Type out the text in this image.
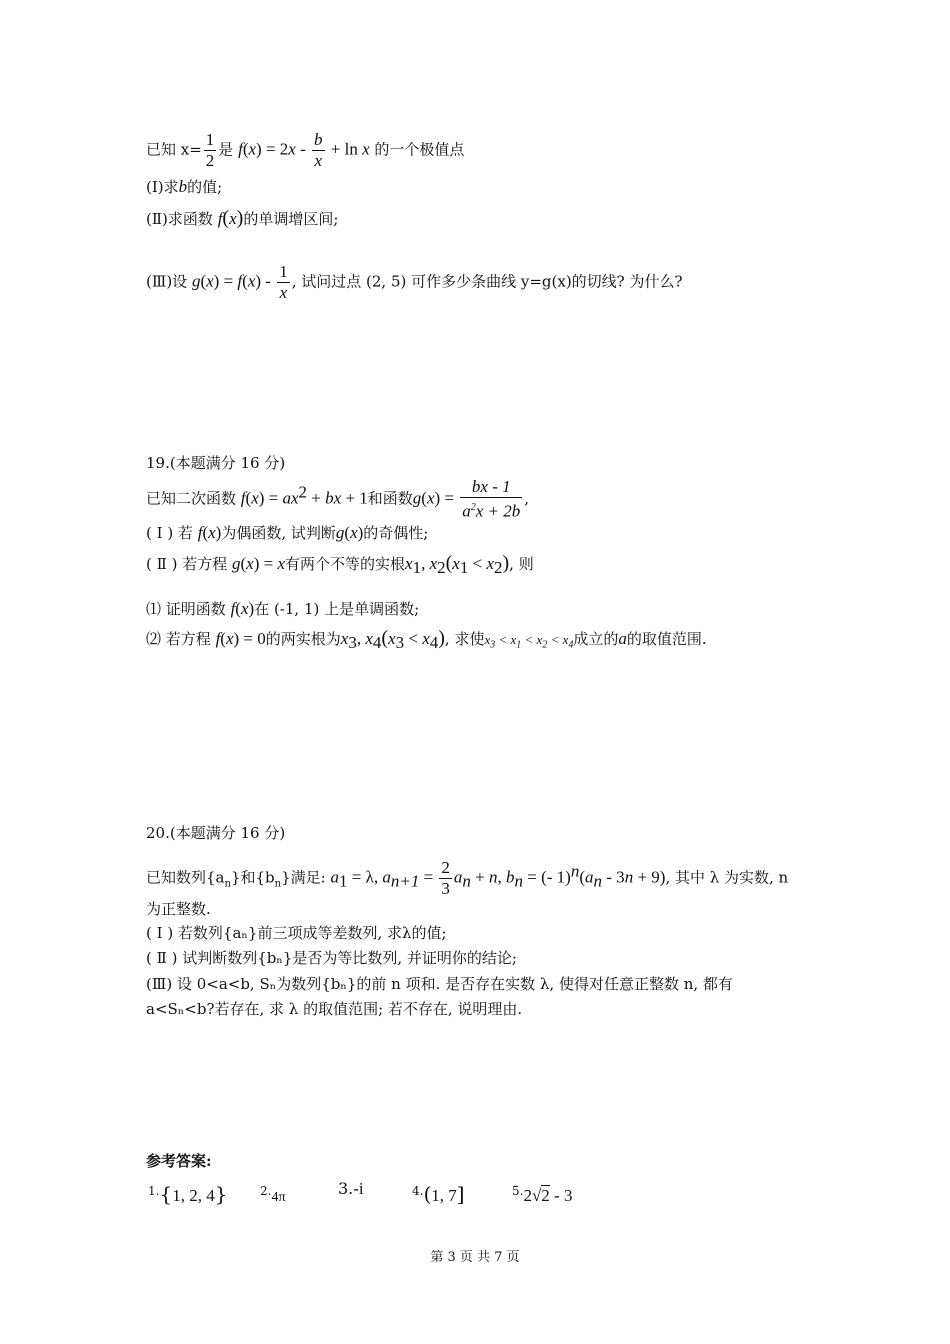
已知 $x= \frac{1}{2}$ 是 $f(x) = 2x - \frac{b}{x} + \ln x$ 的一个极值点
(Ⅰ)求b的值;
(Ⅱ)求函数 f(x)的单调增区间;
(Ⅲ)设 $g(x) = f(x) - \frac{1}{x}$ , 试问过点 (2, 5) 可作多少条曲线 y=g(x)的切线? 为什么?
19.(本题满分 16 分)
已知二次函数 $f(x) = ax^2$ + bx + 1和函数$g(x) = \frac{bx - 1}{a^2x + 2b}$ ,
( Ⅰ ) 若 f(x)为偶函数, 试判断g(x)的奇偶性;
( Ⅱ ) 若方程 g(x) = x有两个不等的实根$x_1$, $x_2(x_1 < x_2)$, 则
⑴ 证明函数 f(x)在 (-1, 1) 上是单调函数;
⑵ 若方程 f(x) = 0的两实根为$x_3$, $x_4(x_3 < x_4)$, 求使$x_3 < x_1 < x_2 < x_4$成立的a的取值范围.
20.(本题满分 16 分)
已知数列$\{a_n\}$和$\{b_n\}$满足: $a_1 = \lambda$, $a_{n+1} = \frac{2}{3} a_n + n$, $b_n$ = (- $1)^n(a_n - 3n + 9)$, 其中 λ 为实数, n
为正整数.
( Ⅰ ) 若数列{aₙ}前三项成等差数列, 求λ的值;
( Ⅱ ) 试判断数列{bₙ}是否为等比数列, 并证明你的结论;
(Ⅲ) 设 0<a<b, Sₙ为数列{bₙ}的前 n 项和. 是否存在实数 λ, 使得对任意正整数 n, 都有
a<Sₙ<b?若存在, 求 λ 的取值范围; 若不存在, 说明理由.
参考答案:
$^{1.}${1, 2, 4}	$^{2.}$4π	3.-i	$^{4.}$(1, 7]	$^{5.}$2√2 - 3
第 3 页 共 7 页
